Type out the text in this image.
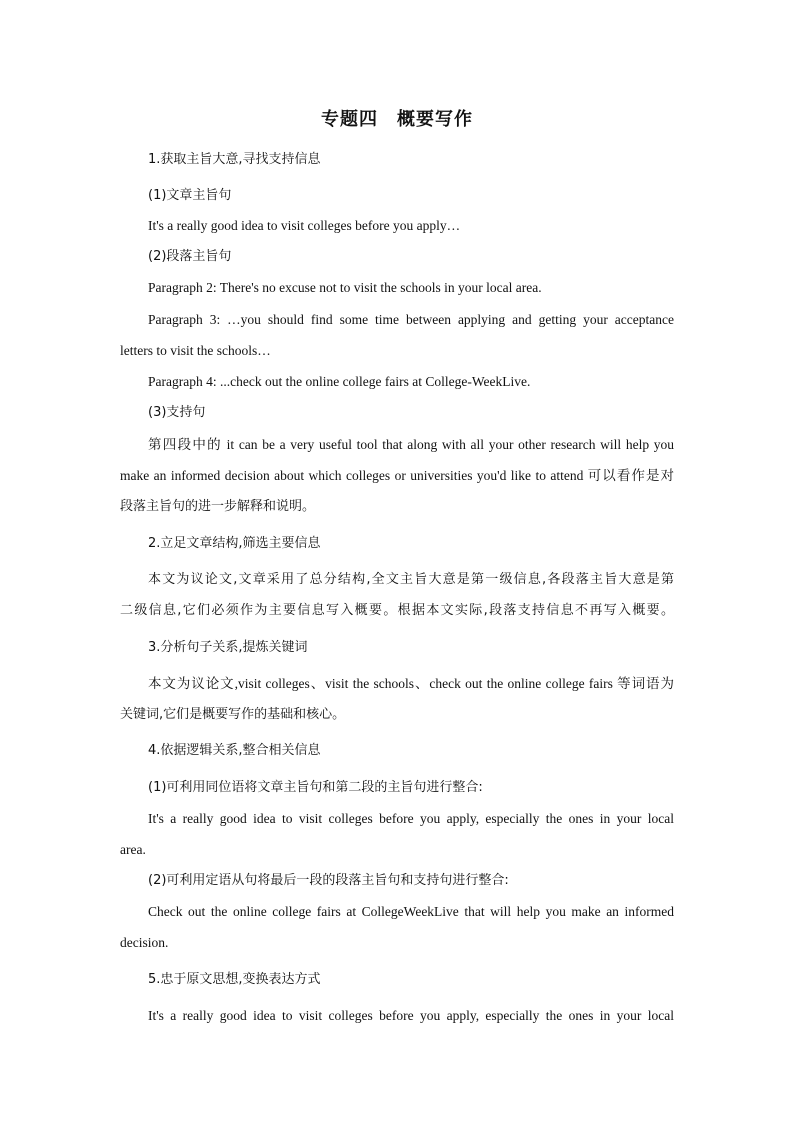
专题四　概要写作
1.获取主旨大意,寻找支持信息
(1)文章主旨句
It's a really good idea to visit colleges before you apply…
(2)段落主旨句
Paragraph 2: There's no excuse not to visit the schools in your local area.
Paragraph 3: …you should find some time between applying and getting your acceptance
letters to visit the schools…
Paragraph 4: ...check out the online college fairs at College-WeekLive.
(3)支持句
第四段中的 it can be a very useful tool that along with all your other research will help you
make an informed decision about which colleges or universities you'd like to attend 可以看作是对
段落主旨句的进一步解释和说明。
2.立足文章结构,筛选主要信息
本文为议论文,文章采用了总分结构,全文主旨大意是第一级信息,各段落主旨大意是第
二级信息,它们必须作为主要信息写入概要。根据本文实际,段落支持信息不再写入概要。
3.分析句子关系,提炼关键词
本文为议论文,visit colleges、visit the schools、check out the online college fairs 等词语为
关键词,它们是概要写作的基础和核心。
4.依据逻辑关系,整合相关信息
(1)可利用同位语将文章主旨句和第二段的主旨句进行整合:
It's a really good idea to visit colleges before you apply, especially the ones in your local
area.
(2)可利用定语从句将最后一段的段落主旨句和支持句进行整合:
Check out the online college fairs at CollegeWeekLive that will help you make an informed
decision.
5.忠于原文思想,变换表达方式
It's a really good idea to visit colleges before you apply, especially the ones in your local
